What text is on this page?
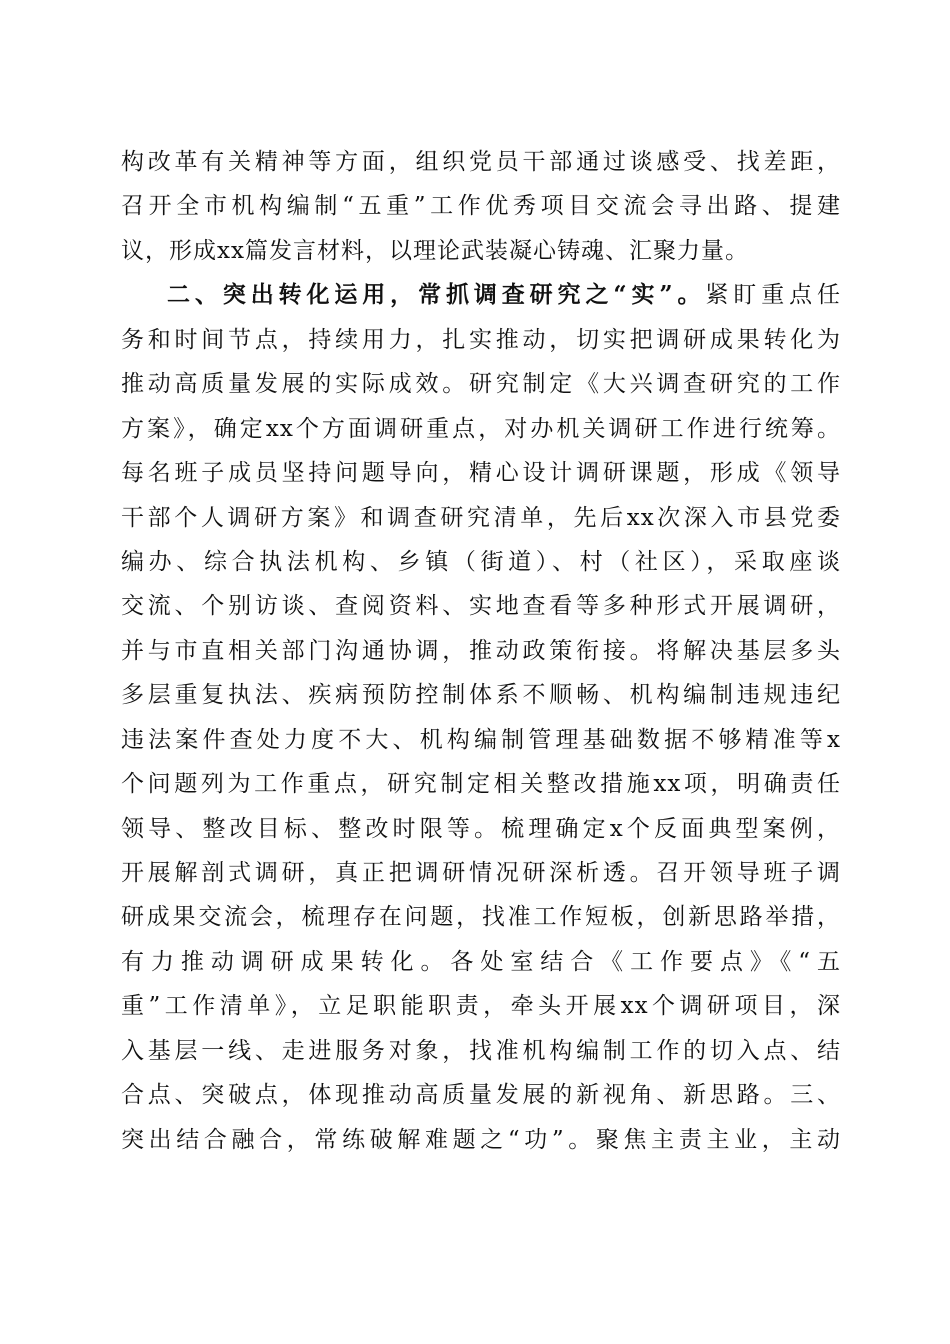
构改革有关精神等方面，组织党员干部通过谈感受、找差距，
召开全市机构编制“五重”工作优秀项目交流会寻出路、提建
议，形成xx篇发言材料，以理论武装凝心铸魂、汇聚力量。
二、突出转化运用，常抓调查研究之“实”。紧盯重点任
务和时间节点，持续用力，扎实推动，切实把调研成果转化为
推动高质量发展的实际成效。研究制定《大兴调查研究的工作
方案》，确定xx个方面调研重点，对办机关调研工作进行统筹。
每名班子成员坚持问题导向，精心设计调研课题，形成《领导
干部个人调研方案》和调查研究清单，先后xx次深入市县党委
编办、综合执法机构、乡镇（街道）、村（社区），采取座谈
交流、个别访谈、查阅资料、实地查看等多种形式开展调研，
并与市直相关部门沟通协调，推动政策衔接。将解决基层多头
多层重复执法、疾病预防控制体系不顺畅、机构编制违规违纪
违法案件查处力度不大、机构编制管理基础数据不够精准等x
个问题列为工作重点，研究制定相关整改措施xx项，明确责任
领导、整改目标、整改时限等。梳理确定x个反面典型案例，
开展解剖式调研，真正把调研情况研深析透。召开领导班子调
研成果交流会，梳理存在问题，找准工作短板，创新思路举措，
有力推动调研成果转化。各处室结合《工作要点》《“五
重”工作清单》，立足职能职责，牵头开展xx个调研项目，深
入基层一线、走进服务对象，找准机构编制工作的切入点、结
合点、突破点，体现推动高质量发展的新视角、新思路。三、
突出结合融合，常练破解难题之“功”。聚焦主责主业，主动
